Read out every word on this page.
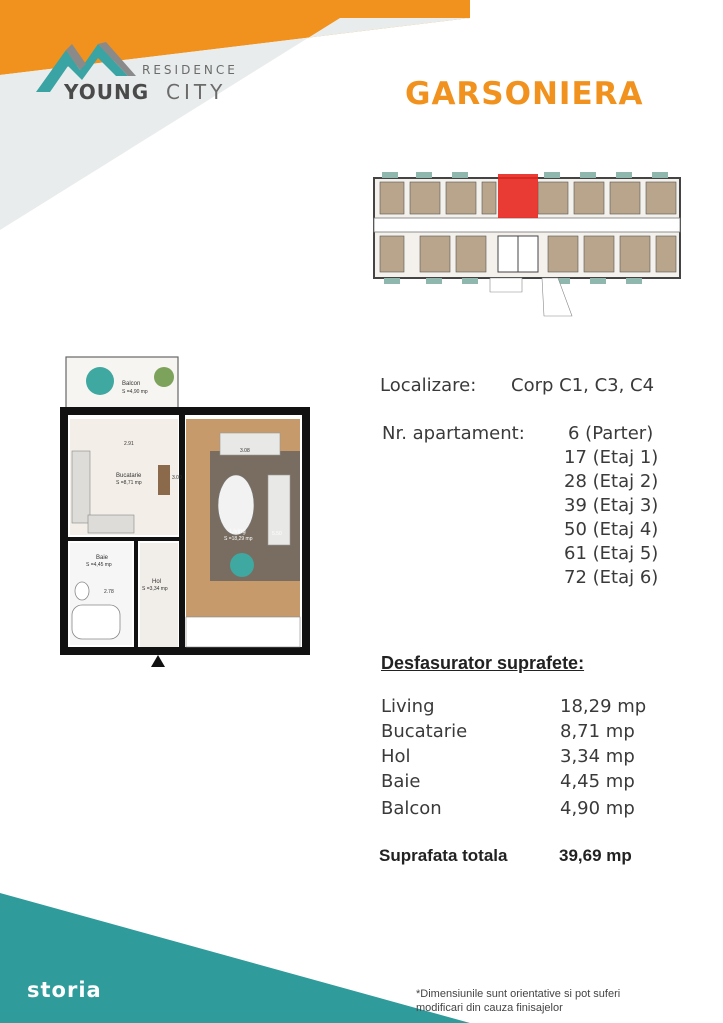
RESIDENCE
YOUNG CITY	GARSONIERA
Balcon
S =4,90 mp
2.91
Bucatarie
S =8,71 mp
3.00
3.08
Living
S =18,29 mp
5.50
Baie
S =4,45 mp
2.78
Hol
S =3,34 mp
Localizare: Corp C1, C3, C4
Nr. apartament: 6 (Parter)
17 (Etaj 1)
28 (Etaj 2)
39 (Etaj 3)
50 (Etaj 4)
61 (Etaj 5)
72 (Etaj 6)
Desfasurator suprafete:
Living	18,29 mp
Bucatarie	8,71 mp
Hol	3,34 mp
Baie	4,45 mp
Balcon	4,90 mp
Suprafata totala	39,69 mp
storia	*Dimensiunile sunt orientative si pot suferi
modificari din cauza finisajelor
